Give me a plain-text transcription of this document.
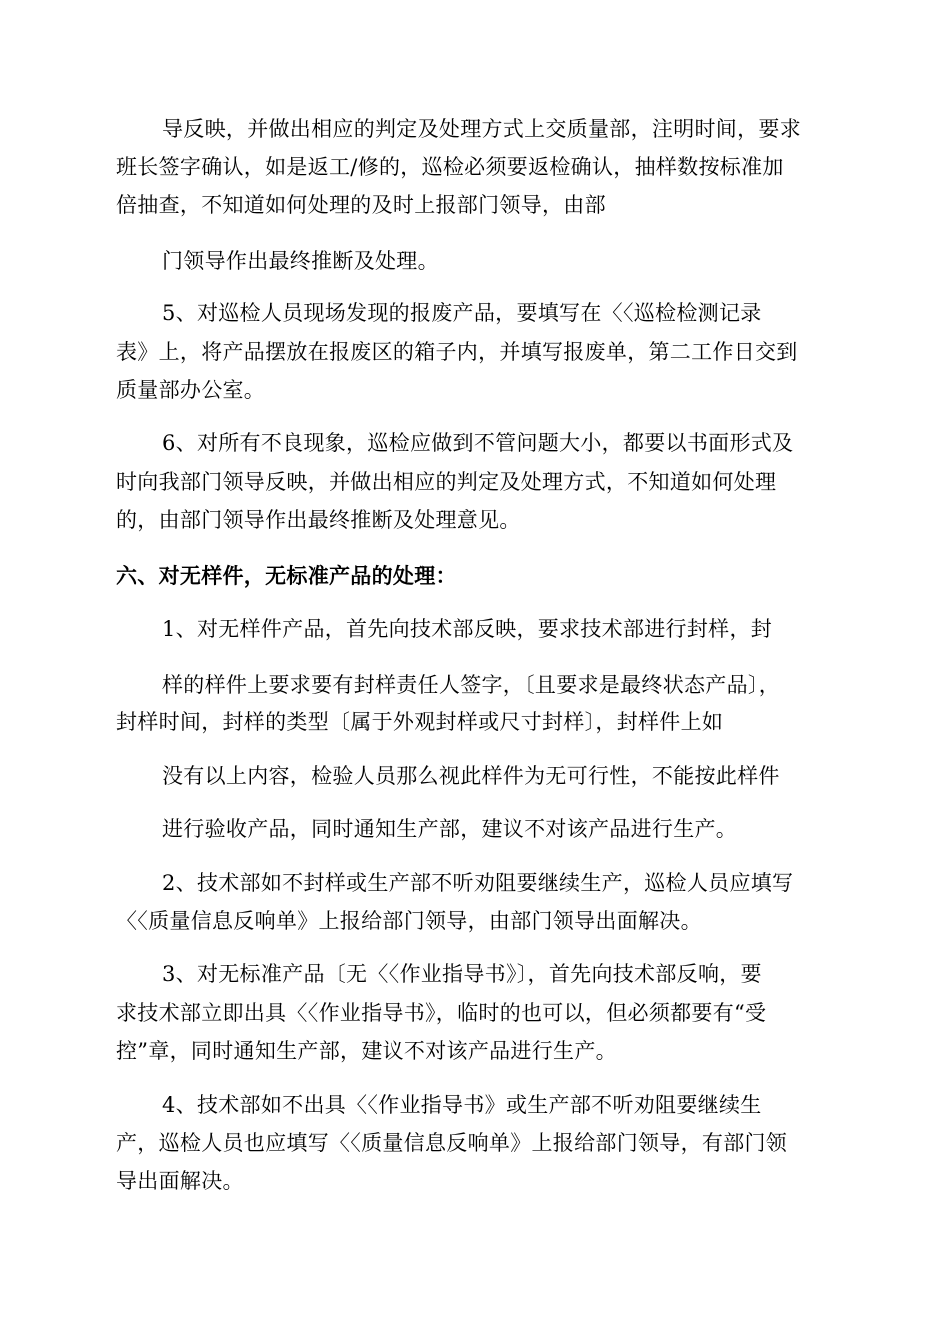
导反映，并做出相应的判定及处理方式上交质量部，注明时间，要求
班长签字确认，如是返工/修的，巡检必须要返检确认，抽样数按标准加
倍抽查，不知道如何处理的及时上报部门领导，由部
门领导作出最终推断及处理。
5、对巡检人员现场发现的报废产品，要填写在〈〈巡检检测记录
表》上，将产品摆放在报废区的箱子内，并填写报废单，第二工作日交到
质量部办公室。
6、对所有不良现象，巡检应做到不管问题大小，都要以书面形式及
时向我部门领导反映，并做出相应的判定及处理方式，不知道如何处理
的，由部门领导作出最终推断及处理意见。
六、对无样件，无标准产品的处理：
1、对无样件产品，首先向技术部反映，要求技术部进行封样，封
样的样件上要求要有封样责任人签字，〔且要求是最终状态产品〕，
封样时间，封样的类型〔属于外观封样或尺寸封样〕，封样件上如
没有以上内容，检验人员那么视此样件为无可行性，不能按此样件
进行验收产品，同时通知生产部，建议不对该产品进行生产。
2、技术部如不封样或生产部不听劝阻要继续生产，巡检人员应填写
〈〈质量信息反响单》上报给部门领导，由部门领导出面解决。
3、对无标准产品〔无〈〈作业指导书》〕，首先向技术部反响，要
求技术部立即出具〈〈作业指导书》，临时的也可以，但必须都要有“受
控”章，同时通知生产部，建议不对该产品进行生产。
4、技术部如不出具〈〈作业指导书》或生产部不听劝阻要继续生
产，巡检人员也应填写〈〈质量信息反响单》上报给部门领导，有部门领
导出面解决。
